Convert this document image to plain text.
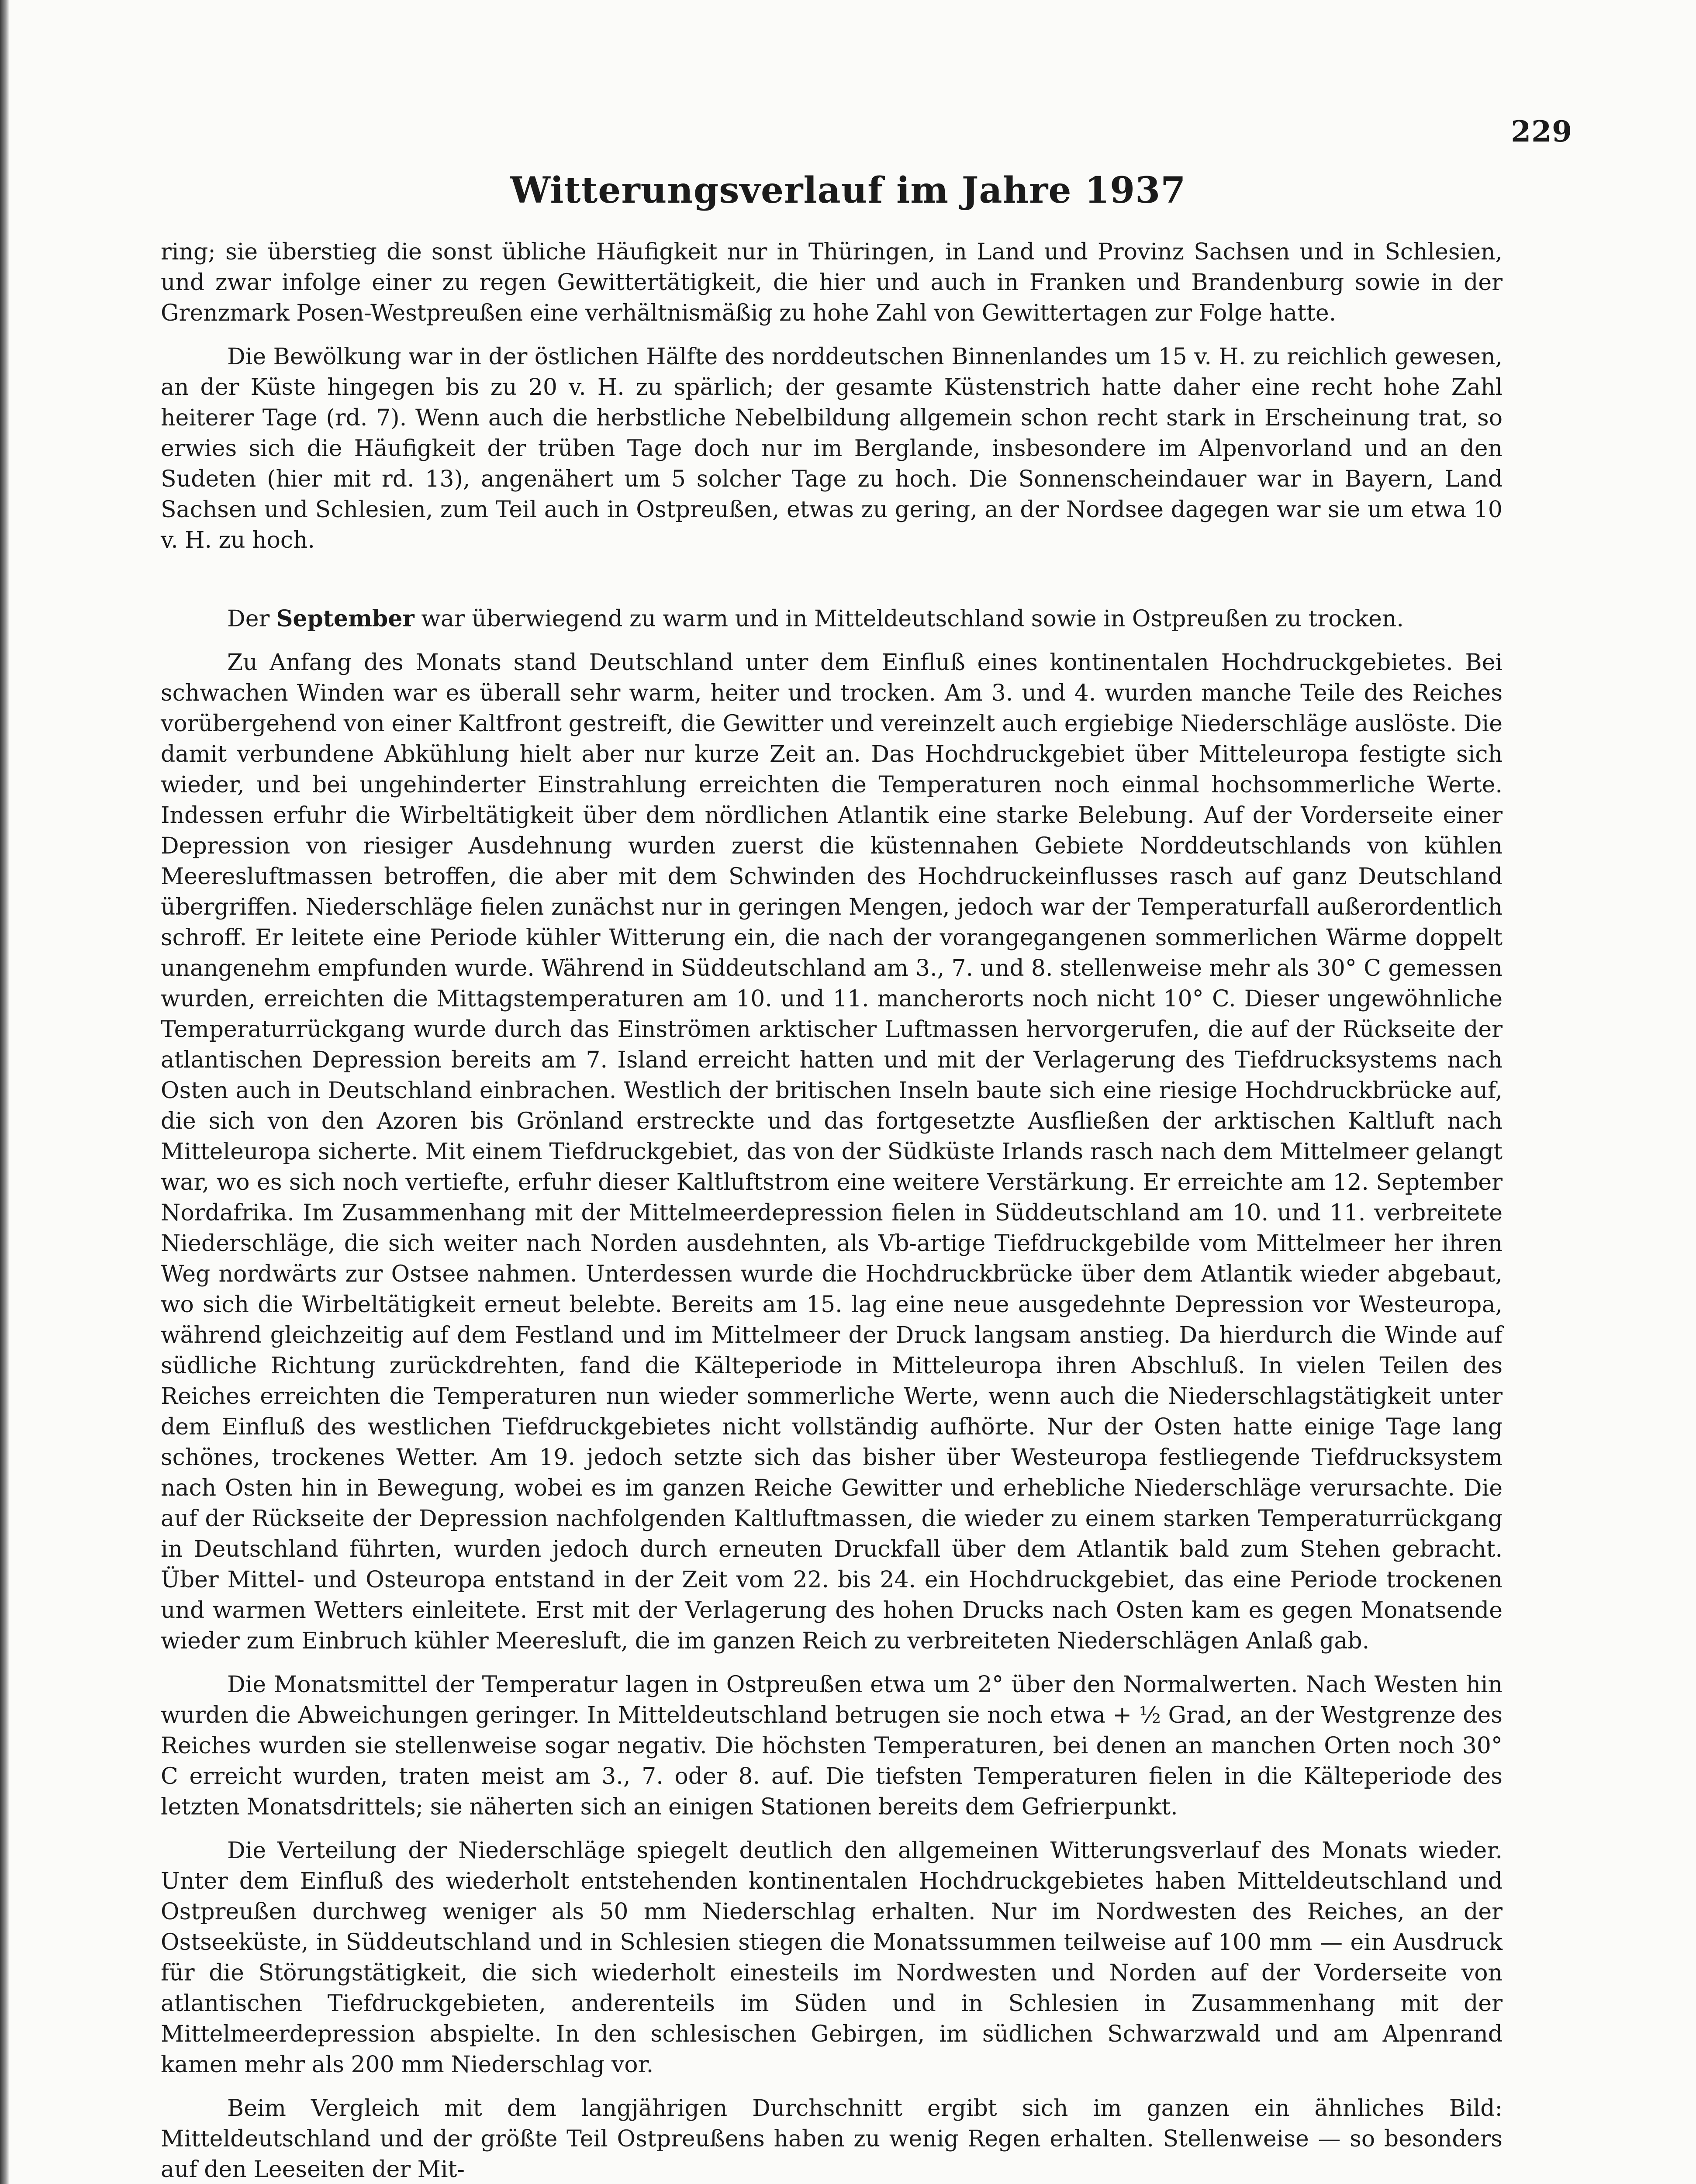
229
Witterungsverlauf im Jahre 1937

ring; sie überstieg die sonst übliche Häufigkeit nur in Thüringen, in Land und Provinz Sachsen und in Schlesien, und zwar infolge einer zu regen Gewittertätigkeit, die hier und auch in Franken und Brandenburg sowie in der Grenzmark Posen-Westpreußen eine verhältnismäßig zu hohe Zahl von Gewittertagen zur Folge hatte.

Die Bewölkung war in der östlichen Hälfte des norddeutschen Binnenlandes um 15 v. H. zu reichlich gewesen, an der Küste hingegen bis zu 20 v. H. zu spärlich; der gesamte Küstenstrich hatte daher eine recht hohe Zahl heiterer Tage (rd. 7). Wenn auch die herbstliche Nebelbildung allgemein schon recht stark in Erscheinung trat, so erwies sich die Häufigkeit der trüben Tage doch nur im Berglande, insbesondere im Alpenvorland und an den Sudeten (hier mit rd. 13), angenähert um 5 solcher Tage zu hoch. Die Sonnenscheindauer war in Bayern, Land Sachsen und Schlesien, zum Teil auch in Ostpreußen, etwas zu gering, an der Nordsee dagegen war sie um etwa 10 v. H. zu hoch.

Der September war überwiegend zu warm und in Mitteldeutschland sowie in Ostpreußen zu trocken.

Zu Anfang des Monats stand Deutschland unter dem Einfluß eines kontinentalen Hochdruckgebietes. Bei schwachen Winden war es überall sehr warm, heiter und trocken. Am 3. und 4. wurden manche Teile des Reiches vorübergehend von einer Kaltfront gestreift, die Gewitter und vereinzelt auch ergiebige Niederschläge auslöste. Die damit verbundene Abkühlung hielt aber nur kurze Zeit an. Das Hochdruckgebiet über Mitteleuropa festigte sich wieder, und bei ungehinderter Einstrahlung erreichten die Temperaturen noch einmal hochsommerliche Werte. Indessen erfuhr die Wirbeltätigkeit über dem nördlichen Atlantik eine starke Belebung. Auf der Vorderseite einer Depression von riesiger Ausdehnung wurden zuerst die küstennahen Gebiete Norddeutschlands von kühlen Meeresluftmassen betroffen, die aber mit dem Schwinden des Hochdruckeinflusses rasch auf ganz Deutschland übergriffen. Niederschläge fielen zunächst nur in geringen Mengen, jedoch war der Temperaturfall außerordentlich schroff. Er leitete eine Periode kühler Witterung ein, die nach der vorangegangenen sommerlichen Wärme doppelt unangenehm empfunden wurde. Während in Süddeutschland am 3., 7. und 8. stellenweise mehr als 30° C gemessen wurden, erreichten die Mittagstemperaturen am 10. und 11. mancherorts noch nicht 10° C. Dieser ungewöhnliche Temperaturrückgang wurde durch das Einströmen arktischer Luftmassen hervorgerufen, die auf der Rückseite der atlantischen Depression bereits am 7. Island erreicht hatten und mit der Verlagerung des Tiefdrucksystems nach Osten auch in Deutschland einbrachen. Westlich der britischen Inseln baute sich eine riesige Hochdruckbrücke auf, die sich von den Azoren bis Grönland erstreckte und das fortgesetzte Ausfließen der arktischen Kaltluft nach Mitteleuropa sicherte. Mit einem Tiefdruckgebiet, das von der Südküste Irlands rasch nach dem Mittelmeer gelangt war, wo es sich noch vertiefte, erfuhr dieser Kaltluftstrom eine weitere Verstärkung. Er erreichte am 12. September Nordafrika. Im Zusammenhang mit der Mittelmeerdepression fielen in Süddeutschland am 10. und 11. verbreitete Niederschläge, die sich weiter nach Norden ausdehnten, als Vb-artige Tiefdruckgebilde vom Mittelmeer her ihren Weg nordwärts zur Ostsee nahmen. Unterdessen wurde die Hochdruckbrücke über dem Atlantik wieder abgebaut, wo sich die Wirbeltätigkeit erneut belebte. Bereits am 15. lag eine neue ausgedehnte Depression vor Westeuropa, während gleichzeitig auf dem Festland und im Mittelmeer der Druck langsam anstieg. Da hierdurch die Winde auf südliche Richtung zurückdrehten, fand die Kälteperiode in Mitteleuropa ihren Abschluß. In vielen Teilen des Reiches erreichten die Temperaturen nun wieder sommerliche Werte, wenn auch die Niederschlagstätigkeit unter dem Einfluß des westlichen Tiefdruckgebietes nicht vollständig aufhörte. Nur der Osten hatte einige Tage lang schönes, trockenes Wetter. Am 19. jedoch setzte sich das bisher über Westeuropa festliegende Tiefdrucksystem nach Osten hin in Bewegung, wobei es im ganzen Reiche Gewitter und erhebliche Niederschläge verursachte. Die auf der Rückseite der Depression nachfolgenden Kaltluftmassen, die wieder zu einem starken Temperaturrückgang in Deutschland führten, wurden jedoch durch erneuten Druckfall über dem Atlantik bald zum Stehen gebracht. Über Mittel- und Osteuropa entstand in der Zeit vom 22. bis 24. ein Hochdruckgebiet, das eine Periode trockenen und warmen Wetters einleitete. Erst mit der Verlagerung des hohen Drucks nach Osten kam es gegen Monatsende wieder zum Einbruch kühler Meeresluft, die im ganzen Reich zu verbreiteten Niederschlägen Anlaß gab.

Die Monatsmittel der Temperatur lagen in Ostpreußen etwa um 2° über den Normalwerten. Nach Westen hin wurden die Abweichungen geringer. In Mitteldeutschland betrugen sie noch etwa + ½ Grad, an der Westgrenze des Reiches wurden sie stellenweise sogar negativ. Die höchsten Temperaturen, bei denen an manchen Orten noch 30° C erreicht wurden, traten meist am 3., 7. oder 8. auf. Die tiefsten Temperaturen fielen in die Kälteperiode des letzten Monatsdrittels; sie näherten sich an einigen Stationen bereits dem Gefrierpunkt.

Die Verteilung der Niederschläge spiegelt deutlich den allgemeinen Witterungsverlauf des Monats wieder. Unter dem Einfluß des wiederholt entstehenden kontinentalen Hochdruckgebietes haben Mitteldeutschland und Ostpreußen durchweg weniger als 50 mm Niederschlag erhalten. Nur im Nordwesten des Reiches, an der Ostseeküste, in Süddeutschland und in Schlesien stiegen die Monatssummen teilweise auf 100 mm — ein Ausdruck für die Störungstätigkeit, die sich wiederholt einesteils im Nordwesten und Norden auf der Vorderseite von atlantischen Tiefdruckgebieten, anderenteils im Süden und in Schlesien in Zusammenhang mit der Mittelmeerdepression abspielte. In den schlesischen Gebirgen, im südlichen Schwarzwald und am Alpenrand kamen mehr als 200 mm Niederschlag vor.

Beim Vergleich mit dem langjährigen Durchschnitt ergibt sich im ganzen ein ähnliches Bild: Mitteldeutschland und der größte Teil Ostpreußens haben zu wenig Regen erhalten. Stellenweise — so besonders auf den Leeseiten der Mit-
